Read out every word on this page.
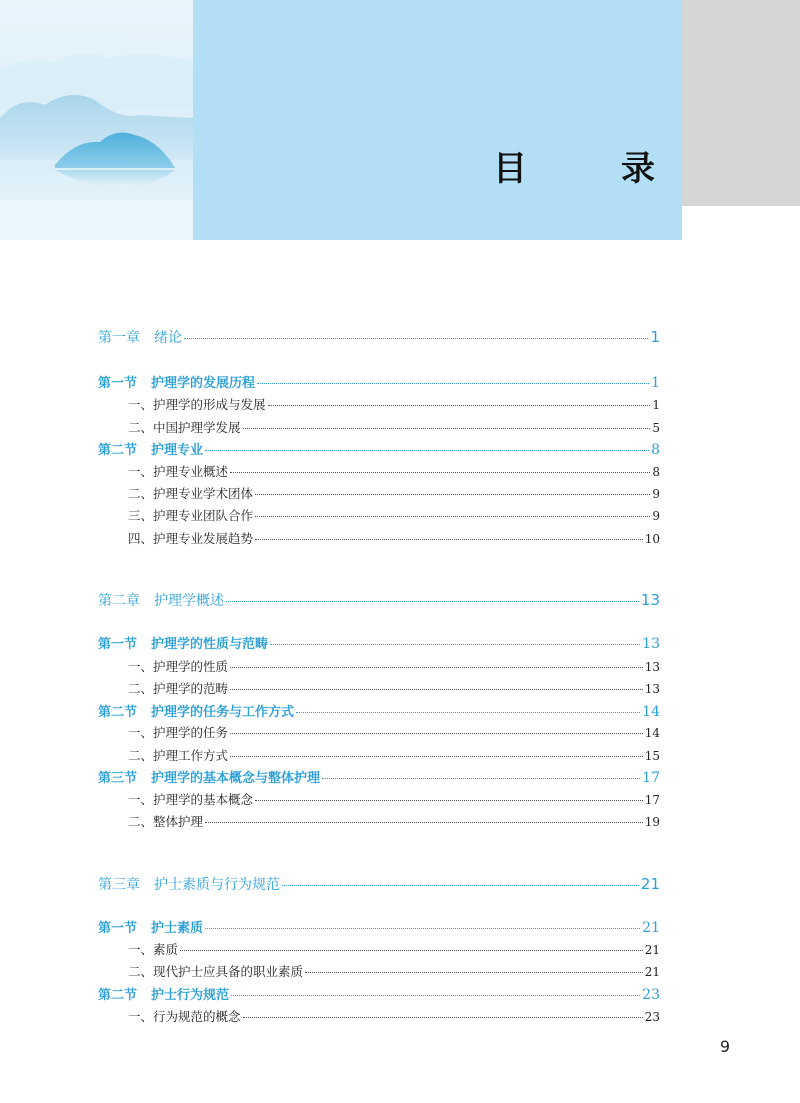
目　录
第一章 绪论	1
第一节 护理学的发展历程	1
一、护理学的形成与发展	1
二、中国护理学发展	5
第二节 护理专业	8
一、护理专业概述	8
二、护理专业学术团体	9
三、护理专业团队合作	9
四、护理专业发展趋势	10
第二章 护理学概述	13
第一节 护理学的性质与范畴	13
一、护理学的性质	13
二、护理学的范畴	13
第二节 护理学的任务与工作方式	14
一、护理学的任务	14
二、护理工作方式	15
第三节 护理学的基本概念与整体护理	17
一、护理学的基本概念	17
二、整体护理	19
第三章 护士素质与行为规范	21
第一节 护士素质	21
一、素质	21
二、现代护士应具备的职业素质	21
第二节 护士行为规范	23
一、行为规范的概念	23
9
